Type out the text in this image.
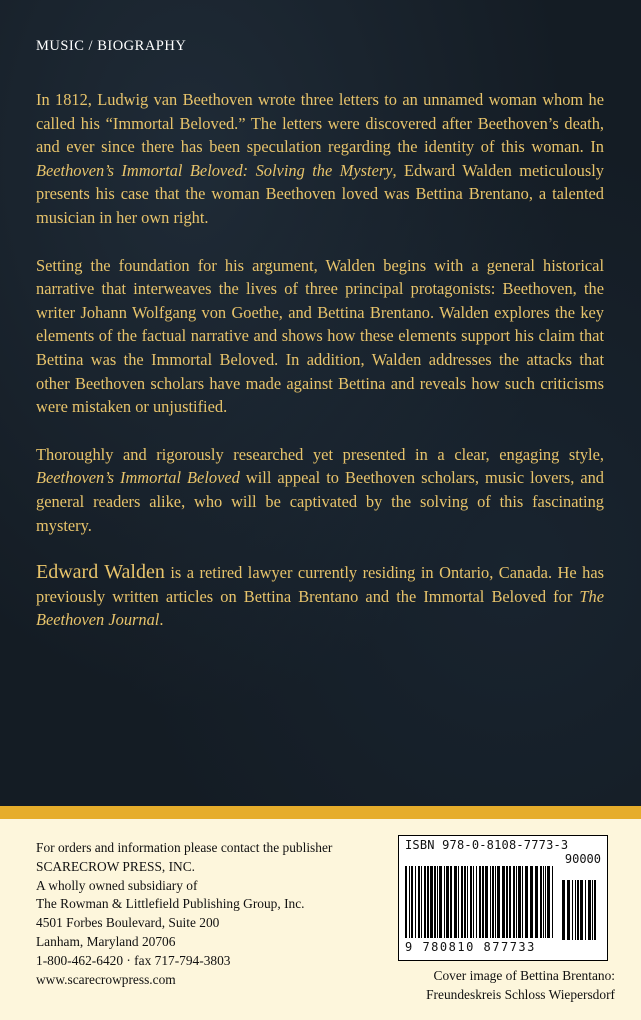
MUSIC / BIOGRAPHY

In 1812, Ludwig van Beethoven wrote three letters to an unnamed woman whom he called his “Immortal Beloved.” The letters were discovered after Beethoven’s death, and ever since there has been speculation regarding the identity of this woman. In Beethoven’s Immortal Beloved: Solving the Mystery, Edward Walden meticulously presents his case that the woman Beethoven loved was Bettina Brentano, a talented musician in her own right.

Setting the foundation for his argument, Walden begins with a general historical narrative that interweaves the lives of three principal protagonists: Beethoven, the writer Johann Wolfgang von Goethe, and Bettina Brentano. Walden explores the key elements of the factual narrative and shows how these elements support his claim that Bettina was the Immortal Beloved. In addition, Walden addresses the attacks that other Beethoven scholars have made against Bettina and reveals how such criticisms were mistaken or unjustified.

Thoroughly and rigorously researched yet presented in a clear, engaging style, Beethoven’s Immortal Beloved will appeal to Beethoven scholars, music lovers, and general readers alike, who will be captivated by the solving of this fascinating mystery.

Edward Walden is a retired lawyer currently residing in Ontario, Canada. He has previously written articles on Bettina Brentano and the Immortal Beloved for The Beethoven Journal.

For orders and information please contact the publisher
SCARECROW PRESS, INC.
A wholly owned subsidiary of
The Rowman & Littlefield Publishing Group, Inc.
4501 Forbes Boulevard, Suite 200
Lanham, Maryland 20706
1-800-462-6420 · fax 717-794-3803
www.scarecrowpress.com
ISBN 978-0-8108-7773-3
90000
9 780810 877733
Cover image of Bettina Brentano:
Freundeskreis Schloss Wiepersdorf
